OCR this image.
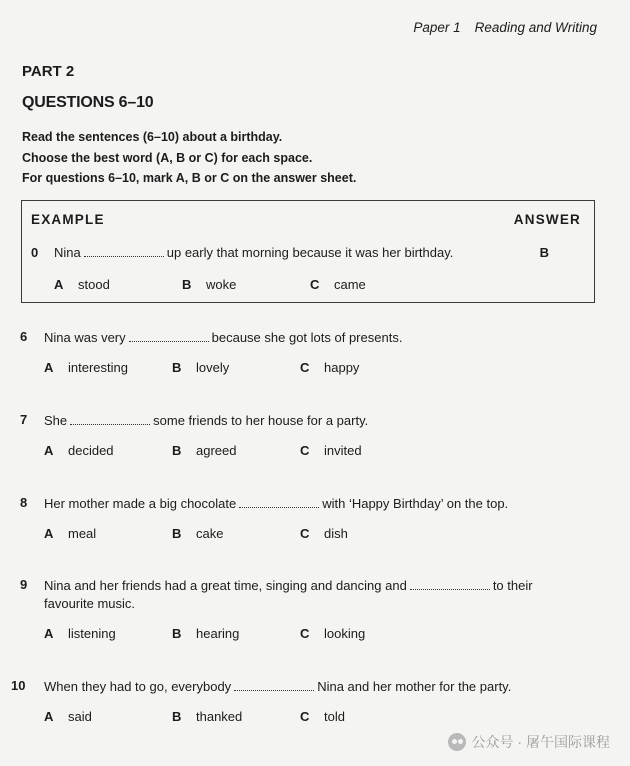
Paper 1 Reading and Writing
PART 2
QUESTIONS 6–10
Read the sentences (6–10) about a birthday.
Choose the best word (A, B or C) for each space.
For questions 6–10, mark A, B or C on the answer sheet.
EXAMPLE	ANSWER
0 Nina	up early that morning because it was her birthday.	B
A stood	B woke	C came
6 Nina was very	because she got lots of presents.
A interesting	B lovely	C happy
7 She	some friends to her house for a party.
A decided	B agreed	C invited
8 Her mother made a big chocolate	with ‘Happy Birthday’ on the top.
A meal	B cake	C dish
9 Nina and her friends had a great time, singing and dancing and	to their
favourite music.
A listening	B hearing	C looking
10 When they had to go, everybody	Nina and her mother for the party.
A said	B thanked	C told
公众号 · 屠午国际课程
